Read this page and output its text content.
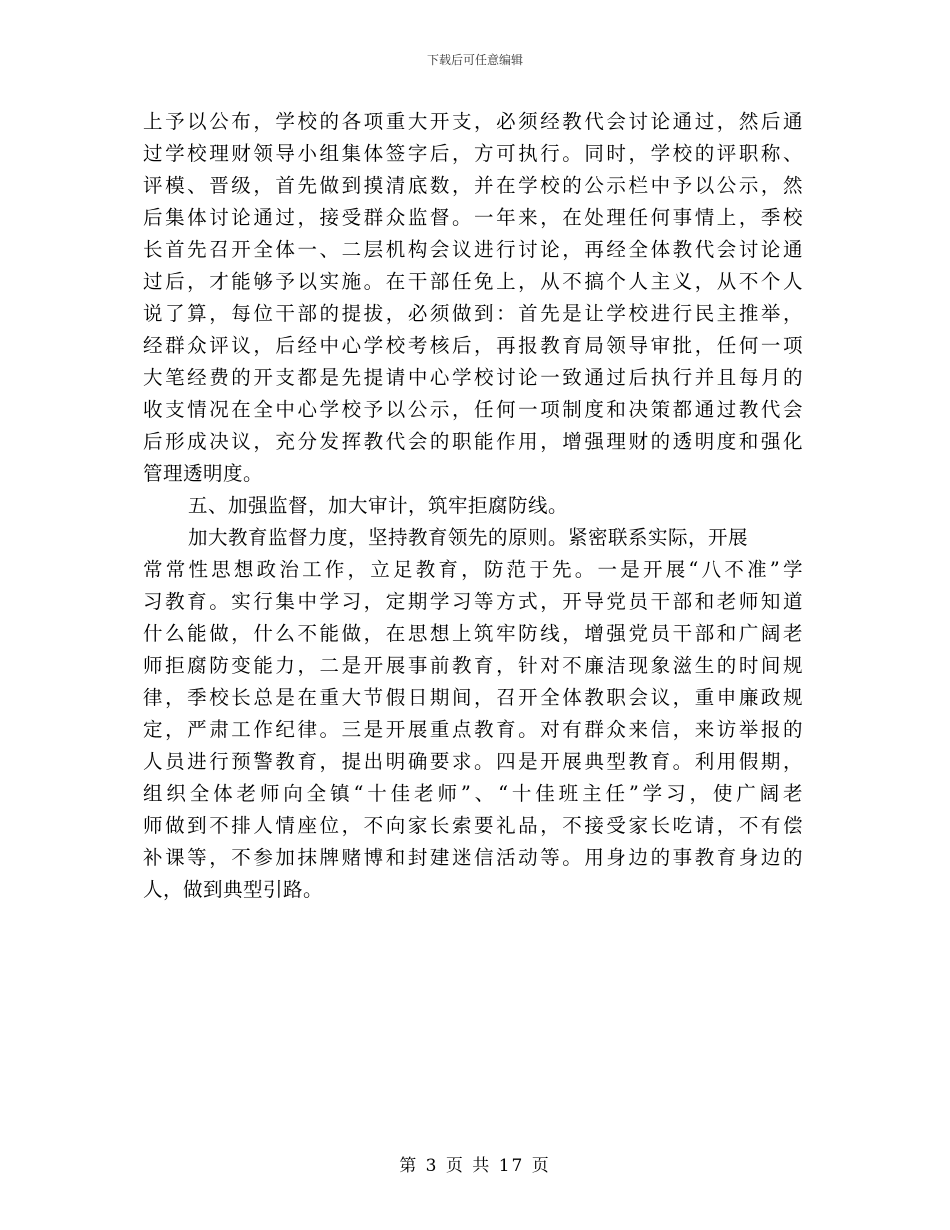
下载后可任意编辑
上予以公布，学校的各项重大开支，必须经教代会讨论通过，然后通
过学校理财领导小组集体签字后，方可执行。同时，学校的评职称、
评模、晋级，首先做到摸清底数，并在学校的公示栏中予以公示，然
后集体讨论通过，接受群众监督。一年来，在处理任何事情上，季校
长首先召开全体一、二层机构会议进行讨论，再经全体教代会讨论通
过后，才能够予以实施。在干部任免上，从不搞个人主义，从不个人
说了算，每位干部的提拔，必须做到：首先是让学校进行民主推举，
经群众评议，后经中心学校考核后，再报教育局领导审批，任何一项
大笔经费的开支都是先提请中心学校讨论一致通过后执行并且每月的
收支情况在全中心学校予以公示，任何一项制度和决策都通过教代会
后形成决议，充分发挥教代会的职能作用，增强理财的透明度和强化
管理透明度。
五、加强监督，加大审计，筑牢拒腐防线。
加大教育监督力度，坚持教育领先的原则。紧密联系实际，开展
常常性思想政治工作，立足教育，防范于先。一是开展“八不准”学
习教育。实行集中学习，定期学习等方式，开导党员干部和老师知道
什么能做，什么不能做，在思想上筑牢防线，增强党员干部和广阔老
师拒腐防变能力，二是开展事前教育，针对不廉洁现象滋生的时间规
律，季校长总是在重大节假日期间，召开全体教职会议，重申廉政规
定，严肃工作纪律。三是开展重点教育。对有群众来信，来访举报的
人员进行预警教育，提出明确要求。四是开展典型教育。利用假期，
组织全体老师向全镇“十佳老师”、“十佳班主任”学习，使广阔老
师做到不排人情座位，不向家长索要礼品，不接受家长吃请，不有偿
补课等，不参加抹牌赌博和封建迷信活动等。用身边的事教育身边的
人，做到典型引路。
第 3 页 共 17 页
